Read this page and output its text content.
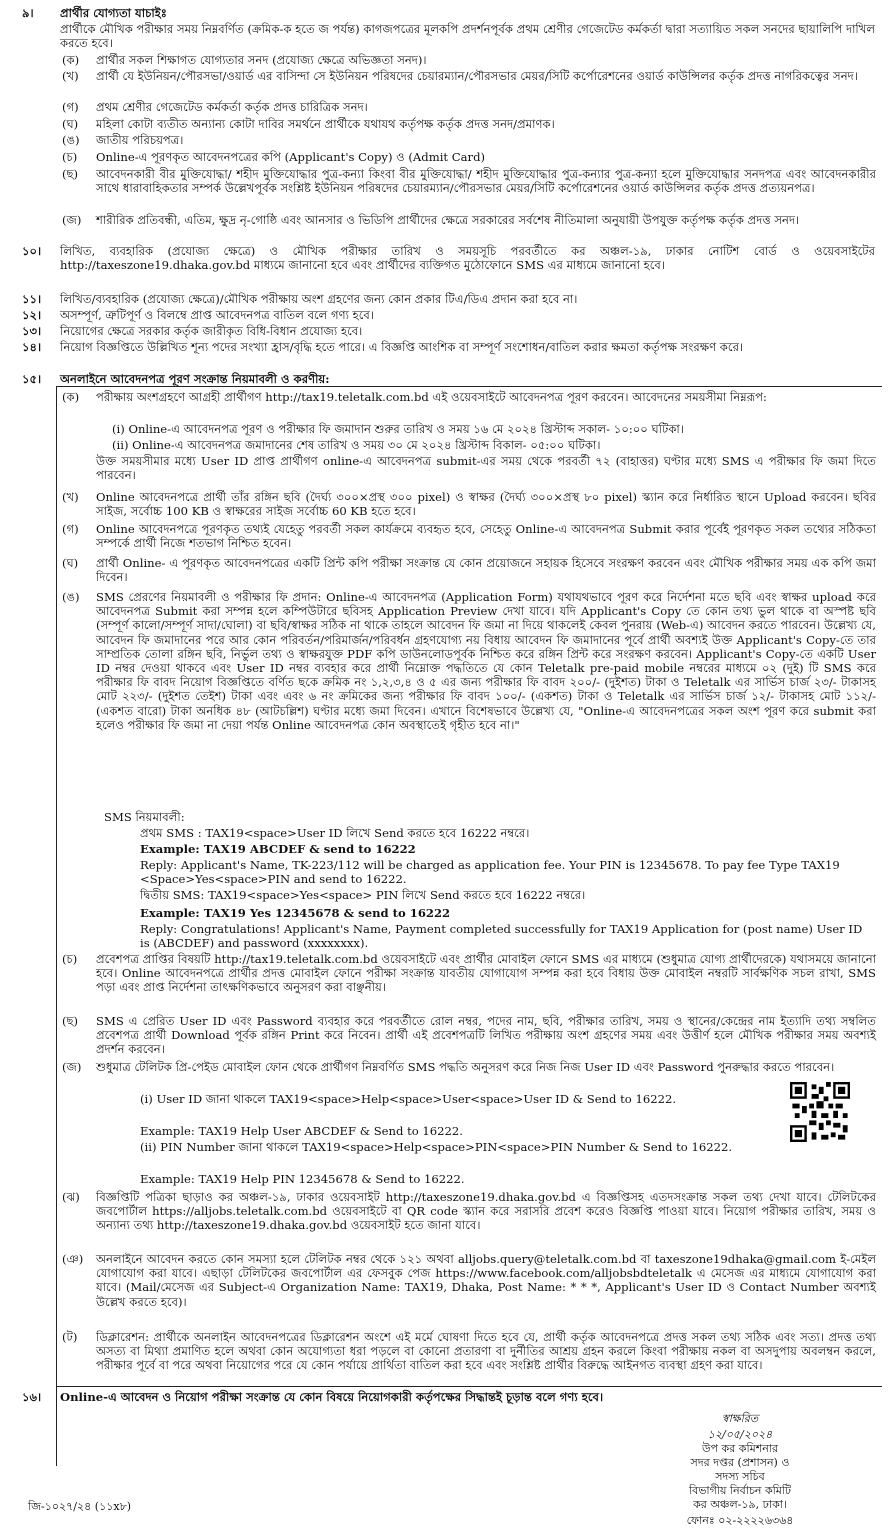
৯।	প্রার্থীর যোগ্যতা যাচাইঃ
প্রার্থীকে মৌখিক পরীক্ষার সময় নিম্নবর্ণিত (ক্রমিক-ক হতে জ পর্যন্ত) কাগজপত্রের মূলকপি প্রদর্শনপূর্বক প্রথম শ্রেণীর গেজেটেড কর্মকর্তা দ্বারা সত্যায়িত সকল সনদের ছায়ালিপি দাখিল করতে হবে।
(ক)	প্রার্থীর সকল শিক্ষাগত যোগ্যতার সনদ (প্রযোজ্য ক্ষেত্রে অভিজ্ঞতা সনদ)।
(খ)	প্রার্থী যে ইউনিয়ন/পৌরসভা/ওয়ার্ড এর বাসিন্দা সে ইউনিয়ন পরিষদের চেয়ারম্যান/পৌরসভার মেয়র/সিটি কর্পোরেশনের ওয়ার্ড কাউন্সিলর কর্তৃক প্রদত্ত নাগরিকত্বের সনদ।
(গ)	প্রথম শ্রেণীর গেজেটেড কর্মকর্তা কর্তৃক প্রদত্ত চারিত্রিক সনদ।
(ঘ)	মহিলা কোটা ব্যতীত অন্যান্য কোটা দাবির সমর্থনে প্রার্থীকে যথাযথ কর্তৃপক্ষ কর্তৃক প্রদত্ত সনদ/প্রমাণক।
(ঙ)	জাতীয় পরিচয়পত্র।
(চ)	Online-এ পূরণকৃত আবেদনপত্রের কপি (Applicant's Copy) ও (Admit Card)
(ছ)	আবেদনকারী বীর মুক্তিযোদ্ধা/ শহীদ মুক্তিযোদ্ধার পুত্র-কন্যা কিংবা বীর মুক্তিযোদ্ধা/ শহীদ মুক্তিযোদ্ধার পুত্র-কন্যার পুত্র-কন্যা হলে মুক্তিযোদ্ধার সনদপত্র এবং আবেদনকারীর সাথে ধারাবাহিকতার সম্পর্ক উল্লেখপূর্বক সংশ্লিষ্ট ইউনিয়ন পরিষদের চেয়ারম্যান/পৌরসভার মেয়র/সিটি কর্পোরেশনের ওয়ার্ড কাউন্সিলর কর্তৃক প্রদত্ত প্রত্যয়নপত্র।
(জ)	শারীরিক প্রতিবন্ধী, এতিম, ক্ষুদ্র নৃ-গোষ্ঠি এবং আনসার ও ভিডিপি প্রার্থীদের ক্ষেত্রে সরকারের সর্বশেষ নীতিমালা অনুযায়ী উপযুক্ত কর্তৃপক্ষ কর্তৃক প্রদত্ত সনদ।
১০।	লিখিত, ব্যবহারিক (প্রযোজ্য ক্ষেত্রে) ও মৌখিক পরীক্ষার তারিখ ও সময়সূচি পরবর্তীতে কর অঞ্চল-১৯, ঢাকার নোটিশ বোর্ড ও ওয়েবসাইটের http://taxeszone19.dhaka.gov.bd মাধ্যমে জানানো হবে এবং প্রার্থীদের ব্যক্তিগত মুঠোফোনে SMS এর মাধ্যমে জানানো হবে।
১১।	লিখিত/ব্যবহারিক (প্রযোজ্য ক্ষেত্রে)/মৌখিক পরীক্ষায় অংশ গ্রহণের জন্য কোন প্রকার টিএ/ডিএ প্রদান করা হবে না।
১২।	অসম্পূর্ণ, ত্রুটিপূর্ণ ও বিলম্বে প্রাপ্ত আবেদনপত্র বাতিল বলে গণ্য হবে।
১৩।	নিয়োগের ক্ষেত্রে সরকার কর্তৃক জারীকৃত বিধি-বিধান প্রযোজ্য হবে।
১৪।	নিয়োগ বিজ্ঞপ্তিতে উল্লিখিত শূন্য পদের সংখ্যা হ্রাস/বৃদ্ধি হতে পারে। এ বিজ্ঞপ্তি আংশিক বা সম্পূর্ণ সংশোধন/বাতিল করার ক্ষমতা কর্তৃপক্ষ সংরক্ষণ করে।
১৫।	অনলাইনে আবেদনপত্র পূরণ সংক্রান্ত নিয়মাবলী ও করণীয়:
(ক)	পরীক্ষায় অংশগ্রহণে আগ্রহী প্রার্থীগণ http://tax19.teletalk.com.bd এই ওয়েবসাইটে আবেদনপত্র পূরণ করবেন। আবেদনের সময়সীমা নিম্নরূপ:
(i) Online-এ আবেদনপত্র পূরণ ও পরীক্ষার ফি জমাদান শুরুর তারিখ ও সময় ১৬ মে ২০২৪ খ্রিস্টাব্দ সকাল- ১০:০০ ঘটিকা।
(ii) Online-এ আবেদনপত্র জমাদানের শেষ তারিখ ও সময় ৩০ মে ২০২৪ খ্রিস্টাব্দ বিকাল- ০৫:০০ ঘটিকা।
উক্ত সময়সীমার মধ্যে User ID প্রাপ্ত প্রার্থীগণ online-এ আবেদনপত্র submit-এর সময় থেকে পরবর্তী ৭২ (বাহাত্তর) ঘণ্টার মধ্যে SMS এ পরীক্ষার ফি জমা দিতে পারবেন।
(খ)	Online আবেদনপত্রে প্রার্থী তাঁর রঙ্গিন ছবি (দৈর্ঘ্য ৩০০×প্রস্থ ৩০০ pixel) ও স্বাক্ষর (দৈর্ঘ্য ৩০০×প্রস্থ ৮০ pixel) স্ক্যান করে নির্ধারিত স্থানে Upload করবেন। ছবির সাইজ, সর্বোচ্চ 100 KB ও স্বাক্ষরের সাইজ সর্বোচ্চ 60 KB হতে হবে।
(গ)	Online আবেদনপত্রে পূরণকৃত তথ্যই যেহেতু পরবর্তী সকল কার্যক্রমে ব্যবহৃত হবে, সেহেতু Online-এ আবেদনপত্র Submit করার পূর্বেই পূরণকৃত সকল তথ্যের সঠিকতা সম্পর্কে প্রার্থী নিজে শতভাগ নিশ্চিত হবেন।
(ঘ)	প্রার্থী Online- এ পূরণকৃত আবেদনপত্রের একটি প্রিন্ট কপি পরীক্ষা সংক্রান্ত যে কোন প্রয়োজনে সহায়ক হিসেবে সংরক্ষণ করবেন এবং মৌখিক পরীক্ষার সময় এক কপি জমা দিবেন।
(ঙ)	SMS প্রেরণের নিয়মাবলী ও পরীক্ষার ফি প্রদান: Online-এ আবেদনপত্র (Application Form) যথাযথভাবে পূরণ করে নির্দেশনা মতে ছবি এবং স্বাক্ষর upload করে আবেদনপত্র Submit করা সম্পন্ন হলে কম্পিউটারে ছবিসহ Application Preview দেখা যাবে। যদি Applicant's Copy তে কোন তথ্য ভুল থাকে বা অস্পষ্ট ছবি (সম্পূর্ণ কালো/সম্পূর্ণ সাদা/ঘোলা) বা ছবি/স্বাক্ষর সঠিক না থাকে তাহলে আবেদন ফি জমা না দিয়ে থাকলেই কেবল পুনরায় (Web-এ) আবেদন করতে পারবেন। উল্লেখ্য যে, আবেদন ফি জমাদানের পরে আর কোন পরিবর্তন/পরিমার্জন/পরিবর্ধন গ্রহণযোগ্য নয় বিধায় আবেদন ফি জমাদানের পূর্বে প্রার্থী অবশ্যই উক্ত Applicant's Copy-তে তার সাম্প্রতিক তোলা রঙ্গিন ছবি, নির্ভুল তথ্য ও স্বাক্ষরযুক্ত PDF কপি ডাউনলোডপূর্বক নিশ্চিত করে রঙ্গিন প্রিন্ট করে সংরক্ষণ করবেন। Applicant's Copy-তে একটি User ID নম্বর দেওয়া থাকবে এবং User ID নম্বর ব্যবহার করে প্রার্থী নিম্নোক্ত পদ্ধতিতে যে কোন Teletalk pre-paid mobile নম্বরের মাধ্যমে ০২ (দুই) টি SMS করে পরীক্ষার ফি বাবদ নিয়োগ বিজ্ঞপ্তিতে বর্ণিত ছকে ক্রমিক নং ১,২,৩,৪ ও ৫ এর জন্য পরীক্ষার ফি বাবদ ২০০/- (দুইশত) টাকা ও Teletalk এর সার্ভিস চার্জ ২৩/- টাকাসহ মোট ২২৩/- (দুইশত তেইশ) টাকা এবং এবং ৬ নং ক্রমিকের জন্য পরীক্ষার ফি বাবদ ১০০/- (একশত) টাকা ও Teletalk এর সার্ভিস চার্জ ১২/- টাকাসহ মোট ১১২/- (একশত বারো) টাকা অনধিক ৪৮ (আটচল্লিশ) ঘণ্টার মধ্যে জমা দিবেন। এখানে বিশেষভাবে উল্লেখ্য যে, "Online-এ আবেদনপত্রের সকল অংশ পূরণ করে submit করা হলেও পরীক্ষার ফি জমা না দেয়া পর্যন্ত Online আবেদনপত্র কোন অবস্থাতেই গৃহীত হবে না।"
SMS নিয়মাবলী:
প্রথম SMS : TAX19<space>User ID লিখে Send করতে হবে 16222 নম্বরে।
Example: TAX19 ABCDEF & send to 16222
Reply: Applicant's Name, TK-223/112 will be charged as application fee. Your PIN is 12345678. To pay fee Type TAX19 <Space>Yes<space>PIN and send to 16222.
দ্বিতীয় SMS: TAX19<space>Yes<space> PIN লিখে Send করতে হবে 16222 নম্বরে।
Example: TAX19 Yes 12345678 & send to 16222
Reply: Congratulations! Applicant's Name, Payment completed successfully for TAX19 Application for (post name) User ID is (ABCDEF) and password (xxxxxxxx).
(চ)	প্রবেশপত্র প্রাপ্তির বিষয়টি http://tax19.teletalk.com.bd ওয়েবসাইটে এবং প্রার্থীর মোবাইল ফোনে SMS এর মাধ্যমে (শুধুমাত্র যোগ্য প্রার্থীদেরকে) যথাসময়ে জানানো হবে। Online আবেদনপত্রে প্রার্থীর প্রদত্ত মোবাইল ফোনে পরীক্ষা সংক্রান্ত যাবতীয় যোগাযোগ সম্পন্ন করা হবে বিধায় উক্ত মোবাইল নম্বরটি সার্বক্ষণিক সচল রাখা, SMS পড়া এবং প্রাপ্ত নির্দেশনা তাৎক্ষণিকভাবে অনুসরণ করা বাঞ্ছনীয়।
(ছ)	SMS এ প্রেরিত User ID এবং Password ব্যবহার করে পরবর্তীতে রোল নম্বর, পদের নাম, ছবি, পরীক্ষার তারিখ, সময় ও স্থানের/কেন্দ্রের নাম ইত্যাদি তথ্য সম্বলিত প্রবেশপত্র প্রার্থী Download পূর্বক রঙ্গিন Print করে নিবেন। প্রার্থী এই প্রবেশপত্রটি লিখিত পরীক্ষায় অংশ গ্রহণের সময় এবং উত্তীর্ণ হলে মৌখিক পরীক্ষার সময় অবশ্যই প্রদর্শন করবেন।
(জ)	শুধুমাত্র টেলিটক প্রি-পেইড মোবাইল ফোন থেকে প্রার্থীগণ নিম্নবর্ণিত SMS পদ্ধতি অনুসরণ করে নিজ নিজ User ID এবং Password পুনরুদ্ধার করতে পারবেন।
(i) User ID জানা থাকলে TAX19<space>Help<space>User<space>User ID & Send to 16222.
Example: TAX19 Help User ABCDEF & Send to 16222.
(ii) PIN Number জানা থাকলে TAX19<space>Help<space>PIN<space>PIN Number & Send to 16222.
Example: TAX19 Help PIN 12345678 & Send to 16222.
(ঝ)	বিজ্ঞপ্তিটি পত্রিকা ছাড়াও কর অঞ্চল-১৯, ঢাকার ওয়েবসাইট http://taxeszone19.dhaka.gov.bd এ বিজ্ঞপ্তিসহ এতদসংক্রান্ত সকল তথ্য দেখা যাবে। টেলিটকের জবপোর্টাল https://alljobs.teletalk.com.bd ওয়েবসাইটে বা QR code স্ক্যান করে সরাসরি প্রবেশ করেও বিজ্ঞপ্তি পাওয়া যাবে। নিয়োগ পরীক্ষার তারিখ, সময় ও অন্যান্য তথ্য http://taxeszone19.dhaka.gov.bd ওয়েবসাইট হতে জানা যাবে।
(ঞ)	অনলাইনে আবেদন করতে কোন সমস্যা হলে টেলিটক নম্বর থেকে ১২১ অথবা alljobs.query@teletalk.com.bd বা taxeszone19dhaka@gmail.com ই-মেইল যোগাযোগ করা যাবে। এছাড়া টেলিটকের জবপোর্টাল এর ফেসবুক পেজ https://www.facebook.com/alljobsbdteletalk এ মেসেজ এর মাধ্যমে যোগাযোগ করা যাবে। (Mail/মেসেজ এর Subject-এ Organization Name: TAX19, Dhaka, Post Name: * * *, Applicant's User ID ও Contact Number অবশ্যই উল্লেখ করতে হবে)।
(ট)	ডিক্লারেশন: প্রার্থীকে অনলাইন আবেদনপত্রের ডিক্লারেশন অংশে এই মর্মে ঘোষণা দিতে হবে যে, প্রার্থী কর্তৃক আবেদনপত্রে প্রদত্ত সকল তথ্য সঠিক এবং সত্য। প্রদত্ত তথ্য অসত্য বা মিথ্যা প্রমাণিত হলে অথবা কোন অযোগ্যতা ধরা পড়লে বা কোনো প্রতারণা বা দুর্নীতির আশ্রয় গ্রহন করলে কিংবা পরীক্ষায় নকল বা অসদুপায় অবলম্বন করলে, পরীক্ষার পূর্বে বা পরে অথবা নিয়োগের পরে যে কোন পর্যায়ে প্রার্থিতা বাতিল করা হবে এবং সংশ্লিষ্ট প্রার্থীর বিরুদ্ধে আইনগত ব্যবস্থা গ্রহণ করা যাবে।
১৬।	Online-এ আবেদন ও নিয়োগ পরীক্ষা সংক্রান্ত যে কোন বিষয়ে নিয়োগকারী কর্তৃপক্ষের সিদ্ধান্তই চূড়ান্ত বলে গণ্য হবে।
স্বাক্ষরিত
১২/০৫/২০২৪
উপ কর কমিশনার
সদর দপ্তর (প্রশাসন) ও
সদস্য সচিব
বিভাগীয় নির্বাচন কমিটি
কর অঞ্চল-১৯, ঢাকা।
ফোনঃ ০২-২২২২৬৩৬৪
জি-১০২৭/২৪ (১১x৮)
